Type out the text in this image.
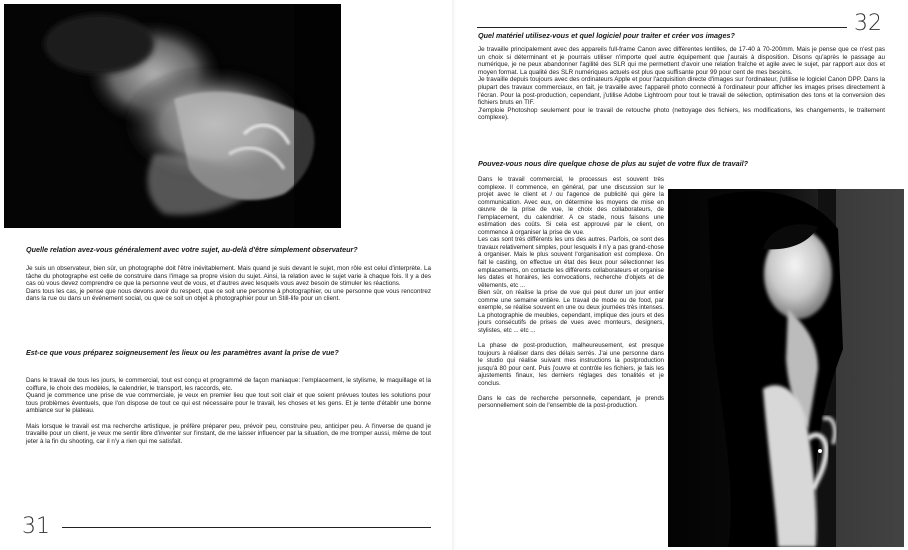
Quelle relation avez-vous généralement avec votre sujet, au-delà d'être simplement observateur?

Je suis un observateur, bien sûr, un photographe doit l'être inévitablement. Mais quand je suis devant le sujet, mon rôle est celui d'interprète. La tâche du photographe est celle de construire dans l'image sa propre vision du sujet. Ainsi, la relation avec le sujet varie à chaque fois. Il y a des cas où vous devez comprendre ce que la personne veut de vous, et d'autres avec lesquels vous avez besoin de stimuler les réactions.

Dans tous les cas, je pense que nous devons avoir du respect, que ce soit une personne à photographier, ou une personne que vous rencontrez dans la rue ou dans un événement social, ou que ce soit un objet à photographier pour un Still-life pour un client.

Est-ce que vous préparez soigneusement les lieux ou les paramètres avant la prise de vue?

Dans le travail de tous les jours, le commercial, tout est conçu et programmé de façon maniaque: l'emplacement, le stylisme, le maquillage et la coiffure, le choix des modèles, le calendrier, le transport, les raccords, etc.

Quand je commence une prise de vue commerciale, je veux en premier lieu que tout soit clair et que soient prévues toutes les solutions pour tous problèmes éventuels, que l'on dispose de tout ce qui est nécessaire pour le travail, les choses et les gens. Et je tente d'établir une bonne ambiance sur le plateau.

Mais lorsque le travail est ma recherche artistique, je préfère préparer peu, prévoir peu, construire peu, anticiper peu. A l'inverse de quand je travaille pour un client, je veux me sentir libre d'inventer sur l'instant, de me laisser influencer par la situation, de me tromper aussi, même de tout jeter à la fin du shooting, car il n'y a rien qui me satisfait.

31
32
Quel matériel utilisez-vous et quel logiciel pour traiter et créer vos images?

Je travaille principalement avec des appareils full-frame Canon avec différentes lentilles, de 17-40 à 70-200mm. Mais je pense que ce n'est pas un choix si déterminant et je pourrais utiliser n'importe quel autre équipement que j'aurais à disposition. Disons qu'après le passage au numérique, je ne peux abandonner l'agilité des SLR qui me permettent d'avoir une relation fraîche et agile avec le sujet, par rapport aux dos et moyen format. La qualité des SLR numériques actuels est plus que suffisante pour 99 pour cent de mes besoins.

Je travaille depuis toujours avec des ordinateurs Apple et pour l'acquisition directe d'images sur l'ordinateur, j'utilise le logiciel Canon DPP. Dans la plupart des travaux commerciaux, en fait, je travaille avec l'appareil photo connecté à l'ordinateur pour afficher les images prises directement à l'écran. Pour la post-production, cependant, j'utilise Adobe Lightroom pour tout le travail de sélection, optimisation des tons et la conversion des fichiers bruts en TIF.

J'emploie Photoshop seulement pour le travail de retouche photo (nettoyage des fichiers, les modifications, les changements, le traitement complexe).

Pouvez-vous nous dire quelque chose de plus au sujet de votre flux de travail?

Dans le travail commercial, le processus est souvent très complexe. Il commence, en général, par une discussion sur le projet avec le client et / ou l'agence de publicité qui gère la communication. Avec eux, on détermine les moyens de mise en œuvre de la prise de vue, le choix des collaborateurs, de l'emplacement, du calendrier. A ce stade, nous faisons une estimation des coûts. Si cela est approuvé par le client, on commence à organiser la prise de vue.

Les cas sont très différents les uns des autres. Parfois, ce sont des travaux relativement simples, pour lesquels il n'y a pas grand-chose à organiser. Mais le plus souvent l'organisation est complexe. On fait le casting, on effectue un état des lieux pour sélectionner les emplacements, on contacte les différents collaborateurs et organise les dates et horaires, les convocations, recherche d'objets et de vêtements, etc ...

Bien sûr, on réalise la prise de vue qui peut durer un jour entier comme une semaine entière. Le travail de mode ou de food, par exemple, se réalise souvent en une ou deux journées très intenses. La photographie de meubles, cependant, implique des jours et des jours consécutifs de prises de vues avec monteurs, designers, stylistes, etc ... etc ...

La phase de post-production, malheureusement, est presque toujours à réaliser dans des délais serrés. J'ai une personne dans le studio qui réalise suivant mes instructions la postproduction jusqu'à 80 pour cent. Puis j'ouvre et contrôle les fichiers, je fais les ajustements finaux, les derniers réglages des tonalités et je conclus.

Dans le cas de recherche personnelle, cependant, je prends personnellement soin de l'ensemble de la post-production.
